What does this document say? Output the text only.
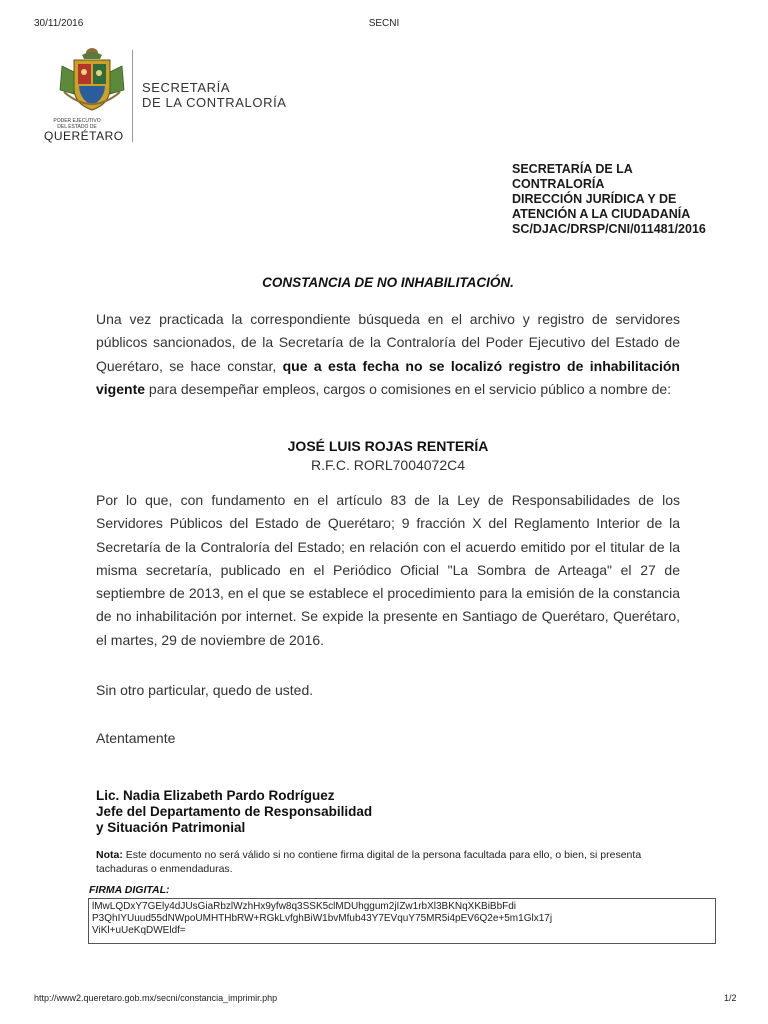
30/11/2016	SECNI
PODER EJECUTIVO
DEL ESTADO DE
QUERÉTARO
SECRETARÍA
DE LA CONTRALORÍA
SECRETARÍA DE LA
CONTRALORÍA
DIRECCIÓN JURÍDICA Y DE
ATENCIÓN A LA CIUDADANÍA
SC/DJAC/DRSP/CNI/011481/2016
CONSTANCIA DE NO INHABILITACIÓN.
Una vez practicada la correspondiente búsqueda en el archivo y registro de servidores públicos sancionados, de la Secretaría de la Contraloría del Poder Ejecutivo del Estado de Querétaro, se hace constar, que a esta fecha no se localizó registro de inhabilitación vigente para desempeñar empleos, cargos o comisiones en el servicio público a nombre de:
JOSÉ LUIS ROJAS RENTERÍA
R.F.C. RORL7004072C4
Por lo que, con fundamento en el artículo 83 de la Ley de Responsabilidades de los Servidores Públicos del Estado de Querétaro; 9 fracción X del Reglamento Interior de la Secretaría de la Contraloría del Estado; en relación con el acuerdo emitido por el titular de la misma secretaría, publicado en el Periódico Oficial "La Sombra de Arteaga" el 27 de septiembre de 2013, en el que se establece el procedimiento para la emisión de la constancia de no inhabilitación por internet. Se expide la presente en Santiago de Querétaro, Querétaro, el martes, 29 de noviembre de 2016.
Sin otro particular, quedo de usted.
Atentamente
Lic. Nadia Elizabeth Pardo Rodríguez
Jefe del Departamento de Responsabilidad
y Situación Patrimonial
Nota: Este documento no será válido si no contiene firma digital de la persona facultada para ello, o bien, si presenta tachaduras o enmendaduras.
FIRMA DIGITAL:
lMwLQDxY7GEly4dJUsGiaRbzlWzhHx9yfw8q3SSK5clMDUhggum2jIZw1rbXl3BKNqXKBiBbFdi
P3QhIYUuud55dNWpoUMHTHbRW+RGkLvfghBiW1bvMfub43Y7EVquY75MR5i4pEV6Q2e+5m1Glx17j
ViKl+uUeKqDWEldf=
http://www2.queretaro.gob.mx/secni/constancia_imprimir.php	1/2
